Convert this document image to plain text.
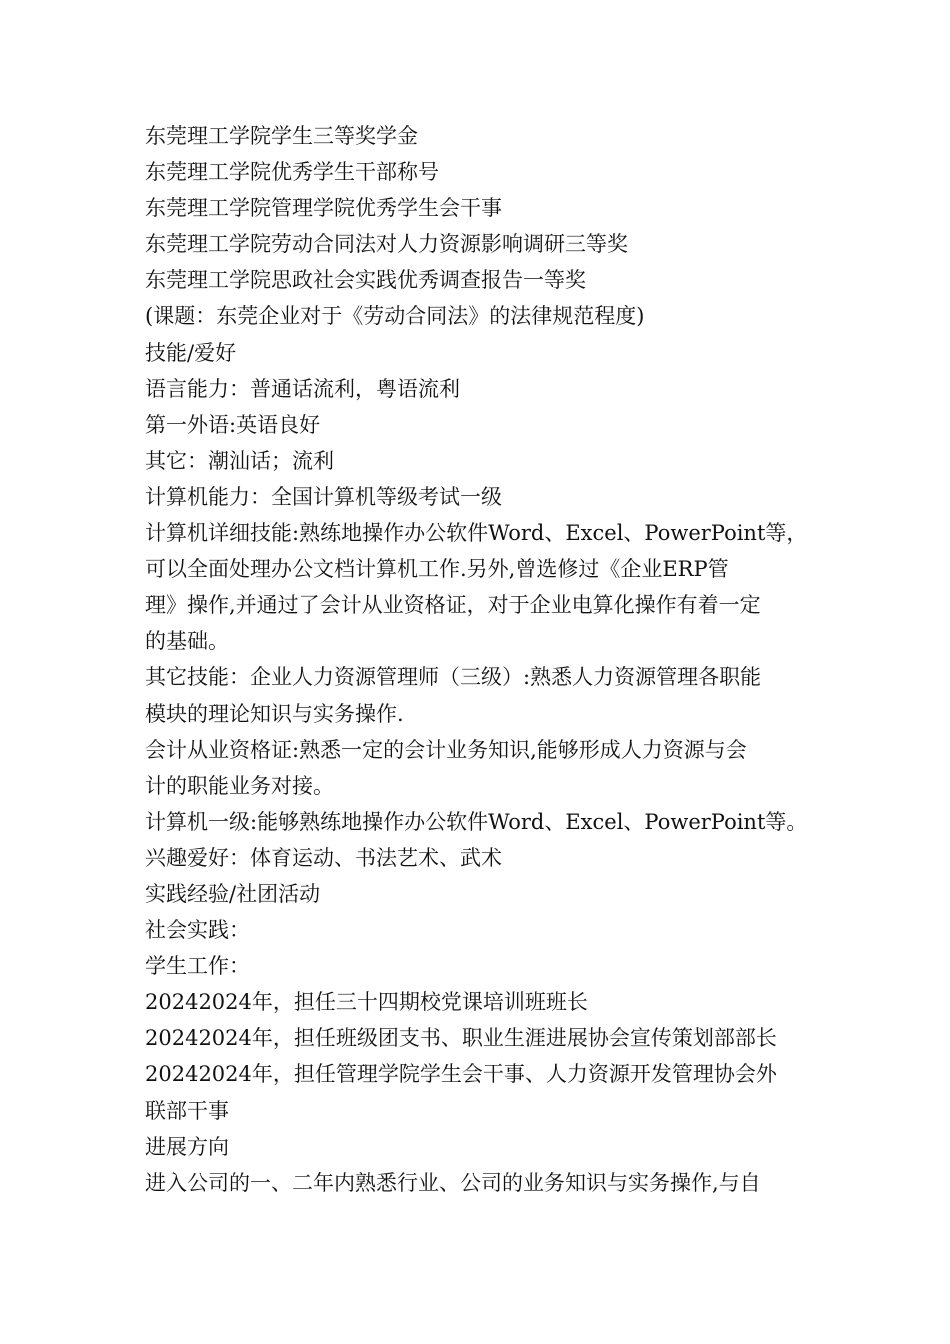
东莞理工学院学生三等奖学金
东莞理工学院优秀学生干部称号
东莞理工学院管理学院优秀学生会干事
东莞理工学院劳动合同法对人力资源影响调研三等奖
东莞理工学院思政社会实践优秀调查报告一等奖
(课题：东莞企业对于《劳动合同法》的法律规范程度)
技能/爱好
语言能力：普通话流利，粤语流利
第一外语:英语良好
其它：潮汕话；流利
计算机能力：全国计算机等级考试一级
计算机详细技能:熟练地操作办公软件Word、Excel、PowerPoint等，
可以全面处理办公文档计算机工作.另外,曾选修过《企业ERP管
理》操作,并通过了会计从业资格证，对于企业电算化操作有着一定
的基础。
其它技能：企业人力资源管理师（三级）:熟悉人力资源管理各职能
模块的理论知识与实务操作.
会计从业资格证:熟悉一定的会计业务知识,能够形成人力资源与会
计的职能业务对接。
计算机一级:能够熟练地操作办公软件Word、Excel、PowerPoint等。
兴趣爱好：体育运动、书法艺术、武术
实践经验/社团活动
社会实践：
学生工作：
20242024年，担任三十四期校党课培训班班长
20242024年，担任班级团支书、职业生涯进展协会宣传策划部部长
20242024年，担任管理学院学生会干事、人力资源开发管理协会外
联部干事
进展方向
进入公司的一、二年内熟悉行业、公司的业务知识与实务操作,与自
